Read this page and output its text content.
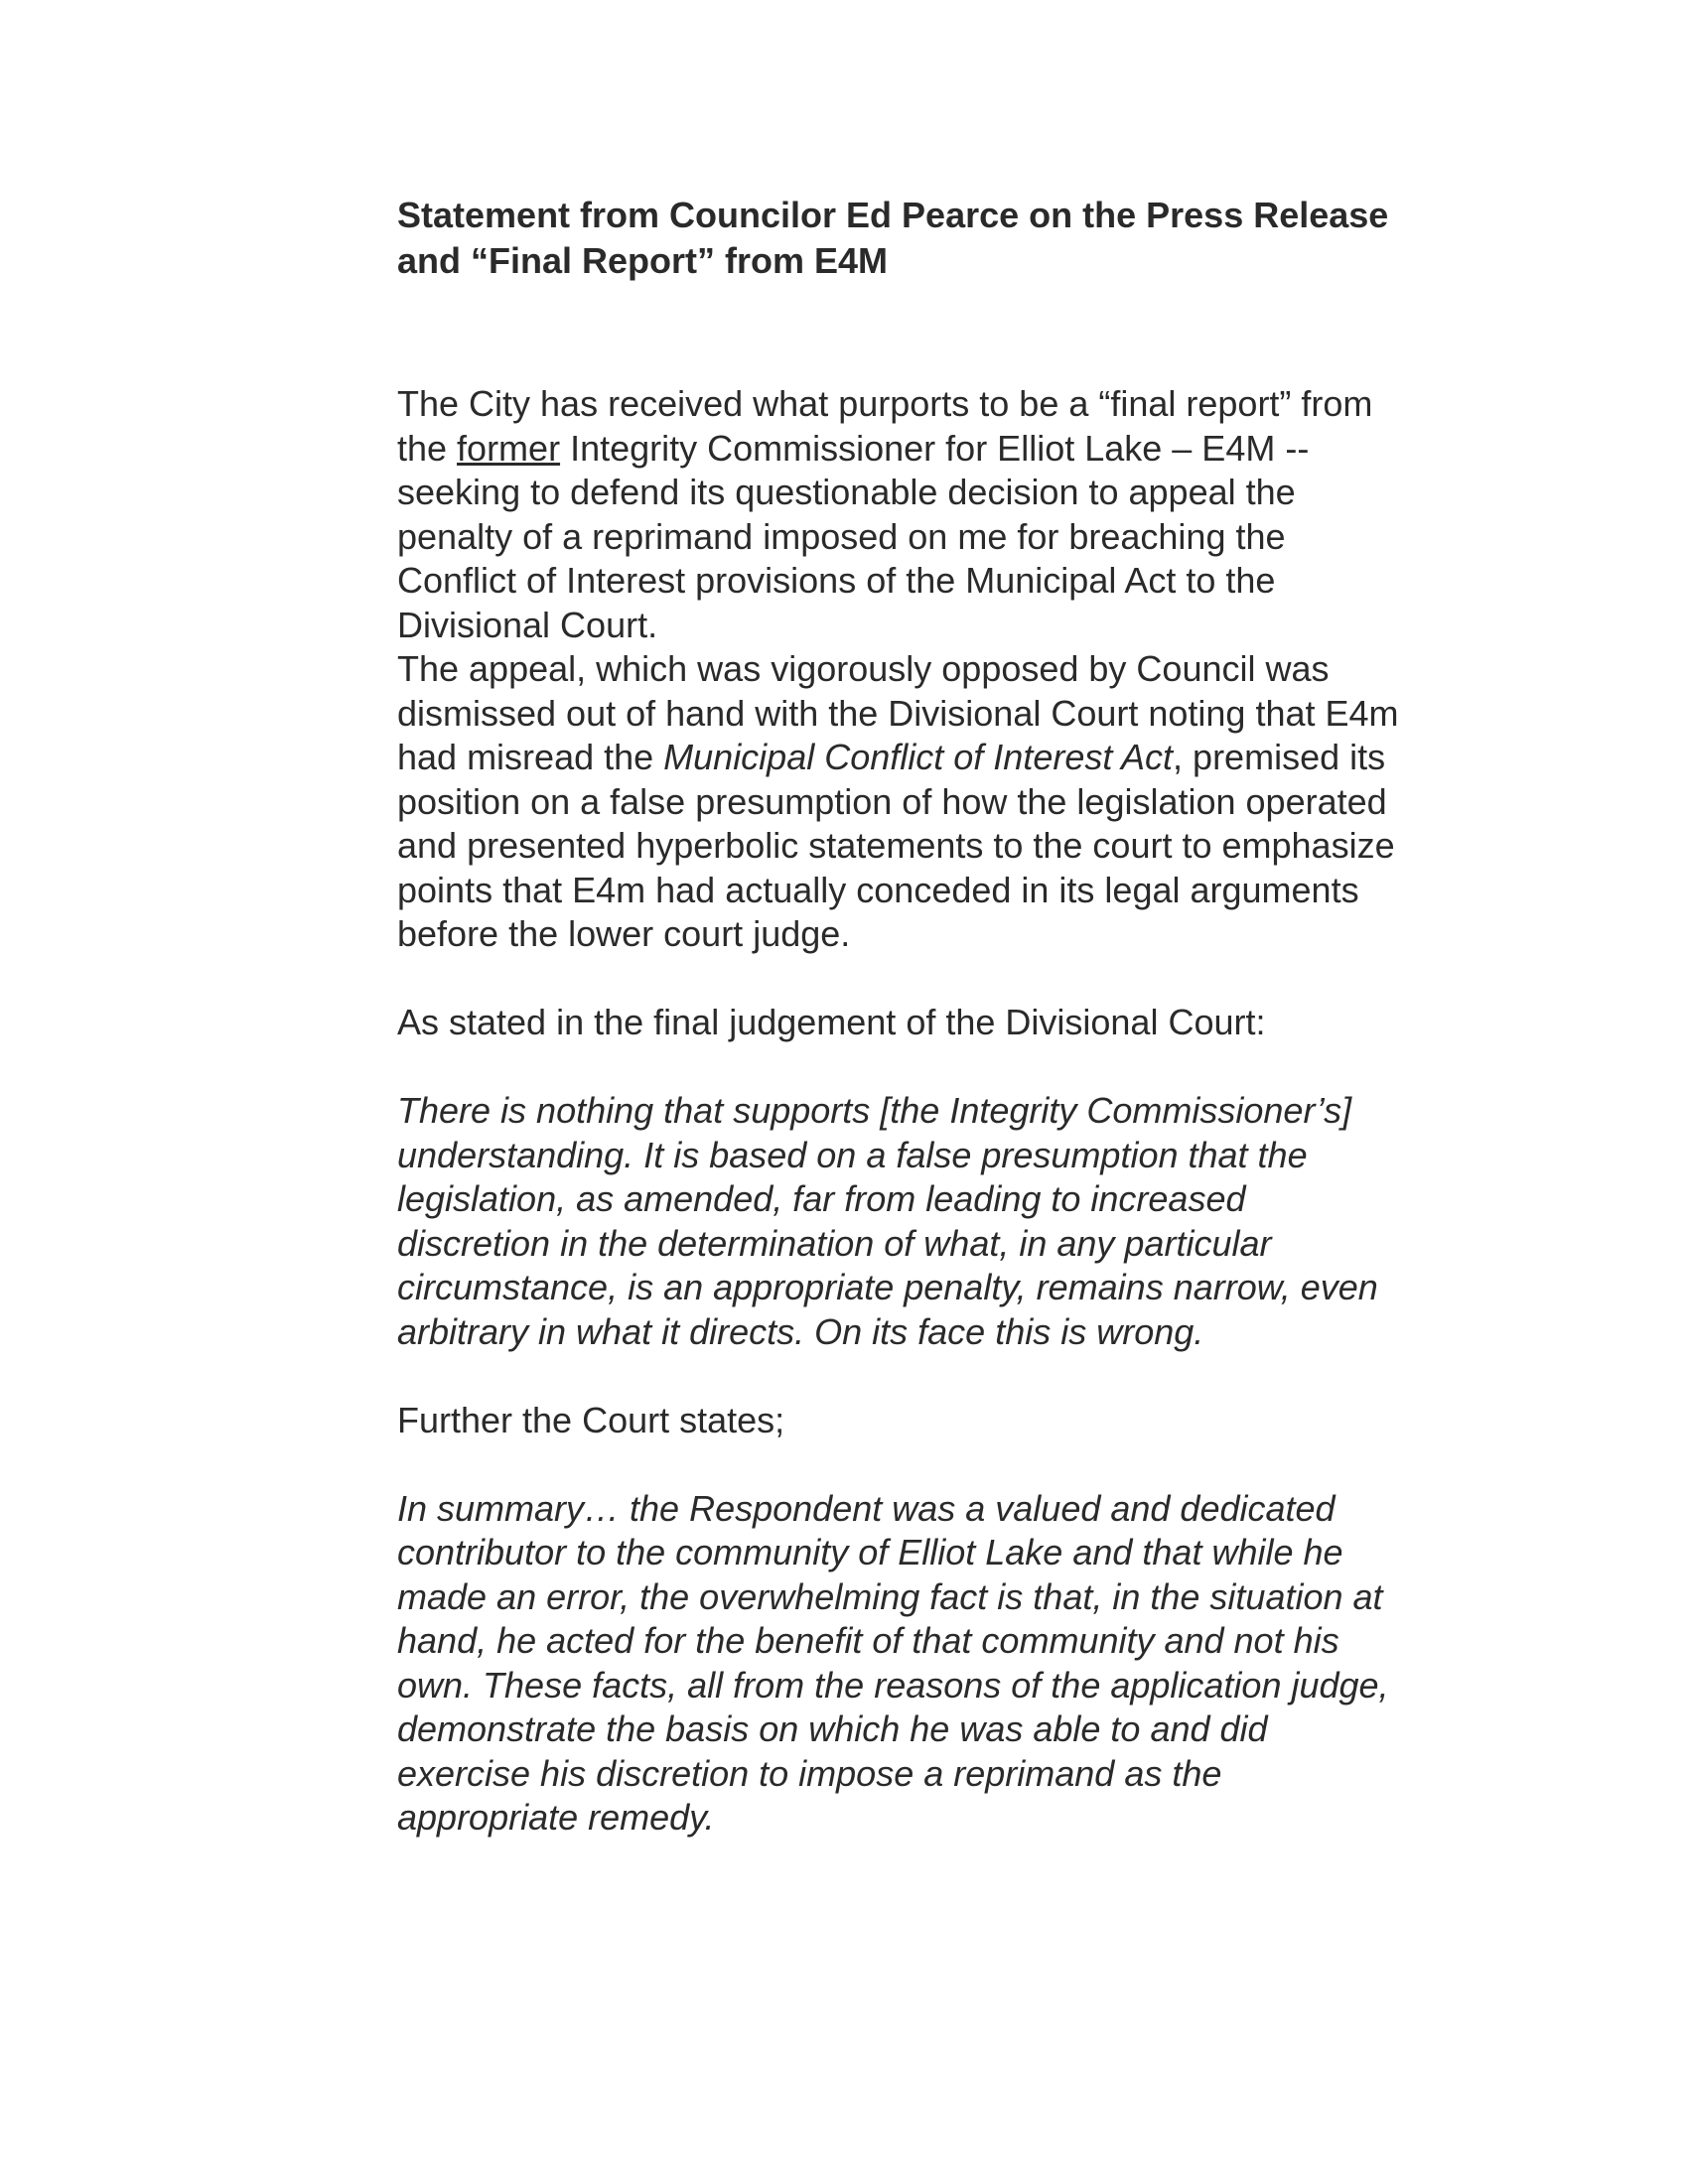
Statement from Councilor Ed Pearce on the Press Release
and “Final Report” from E4M

The City has received what purports to be a “final report” from
the former Integrity Commissioner for Elliot Lake – E4M --
seeking to defend its questionable decision to appeal the
penalty of a reprimand imposed on me for breaching the
Conflict of Interest provisions of the Municipal Act to the
Divisional Court.

The appeal, which was vigorously opposed by Council was
dismissed out of hand with the Divisional Court noting that E4m
had misread the Municipal Conflict of Interest Act, premised its
position on a false presumption of how the legislation operated
and presented hyperbolic statements to the court to emphasize
points that E4m had actually conceded in its legal arguments
before the lower court judge.

As stated in the final judgement of the Divisional Court:

There is nothing that supports [the Integrity Commissioner’s]
understanding. It is based on a false presumption that the
legislation, as amended, far from leading to increased
discretion in the determination of what, in any particular
circumstance, is an appropriate penalty, remains narrow, even
arbitrary in what it directs. On its face this is wrong.

Further the Court states;

In summary… the Respondent was a valued and dedicated
contributor to the community of Elliot Lake and that while he
made an error, the overwhelming fact is that, in the situation at
hand, he acted for the benefit of that community and not his
own. These facts, all from the reasons of the application judge,
demonstrate the basis on which he was able to and did
exercise his discretion to impose a reprimand as the
appropriate remedy.
